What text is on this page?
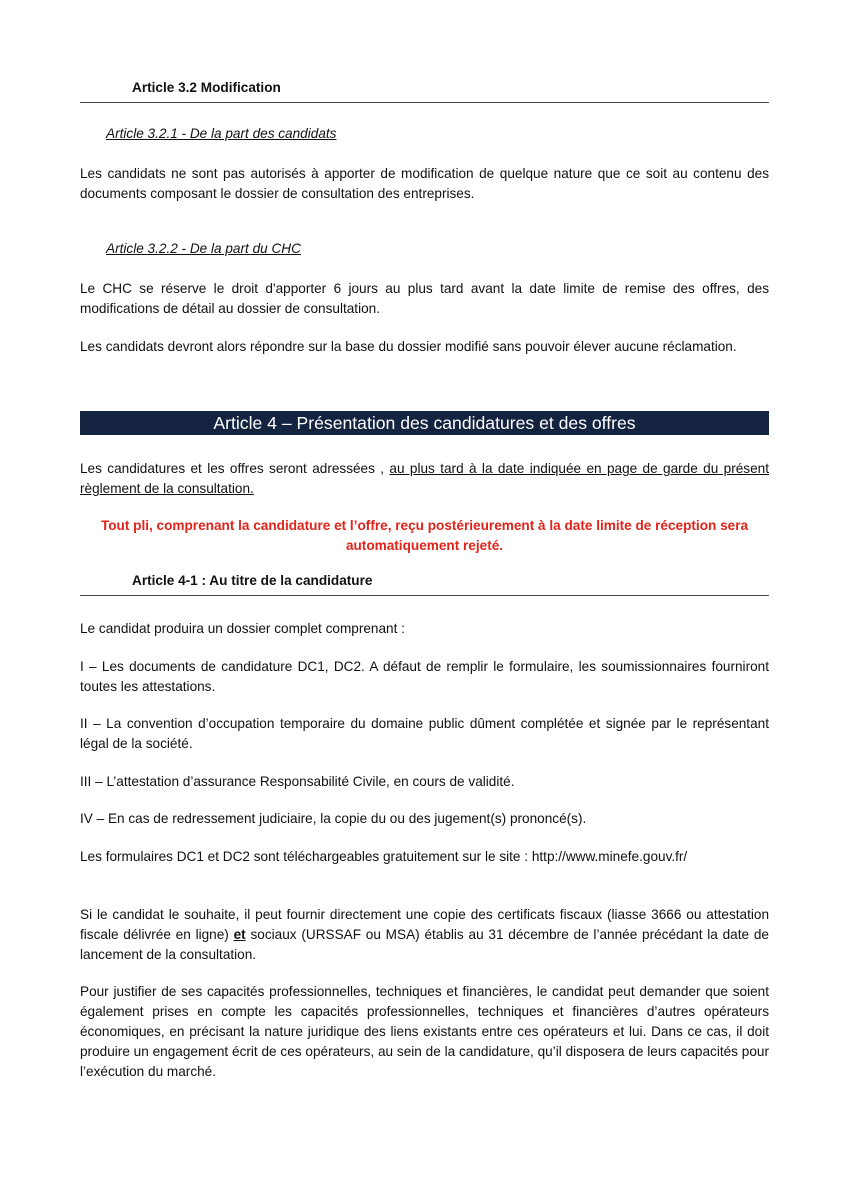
Article 3.2 Modification
Article 3.2.1 - De la part des candidats

Les candidats ne sont pas autorisés à apporter de modification de quelque nature que ce soit au contenu des documents composant le dossier de consultation des entreprises.

Article 3.2.2 - De la part du CHC

Le CHC se réserve le droit d'apporter 6 jours au plus tard avant la date limite de remise des offres, des modifications de détail au dossier de consultation.

Les candidats devront alors répondre sur la base du dossier modifié sans pouvoir élever aucune réclamation.

Article 4 – Présentation des candidatures et des offres

Les candidatures et les offres seront adressées , au plus tard à la date indiquée en page de garde du présent règlement de la consultation.

Tout pli, comprenant la candidature et l’offre, reçu postérieurement à la date limite de réception sera automatiquement rejeté.
Article 4-1 : Au titre de la candidature

Le candidat produira un dossier complet comprenant :

I – Les documents de candidature DC1, DC2. A défaut de remplir le formulaire, les soumissionnaires fourniront toutes les attestations.

II – La convention d’occupation temporaire du domaine public dûment complétée et signée par le représentant légal de la société.

III – L’attestation d’assurance Responsabilité Civile, en cours de validité.

IV – En cas de redressement judiciaire, la copie du ou des jugement(s) prononcé(s).

Les formulaires DC1 et DC2 sont téléchargeables gratuitement sur le site : http://www.minefe.gouv.fr/

Si le candidat le souhaite, il peut fournir directement une copie des certificats fiscaux (liasse 3666 ou attestation fiscale délivrée en ligne) et sociaux (URSSAF ou MSA) établis au 31 décembre de l’année précédant la date de lancement de la consultation.

Pour justifier de ses capacités professionnelles, techniques et financières, le candidat peut demander que soient également prises en compte les capacités professionnelles, techniques et financières d’autres opérateurs économiques, en précisant la nature juridique des liens existants entre ces opérateurs et lui. Dans ce cas, il doit produire un engagement écrit de ces opérateurs, au sein de la candidature, qu’il disposera de leurs capacités pour l’exécution du marché.
